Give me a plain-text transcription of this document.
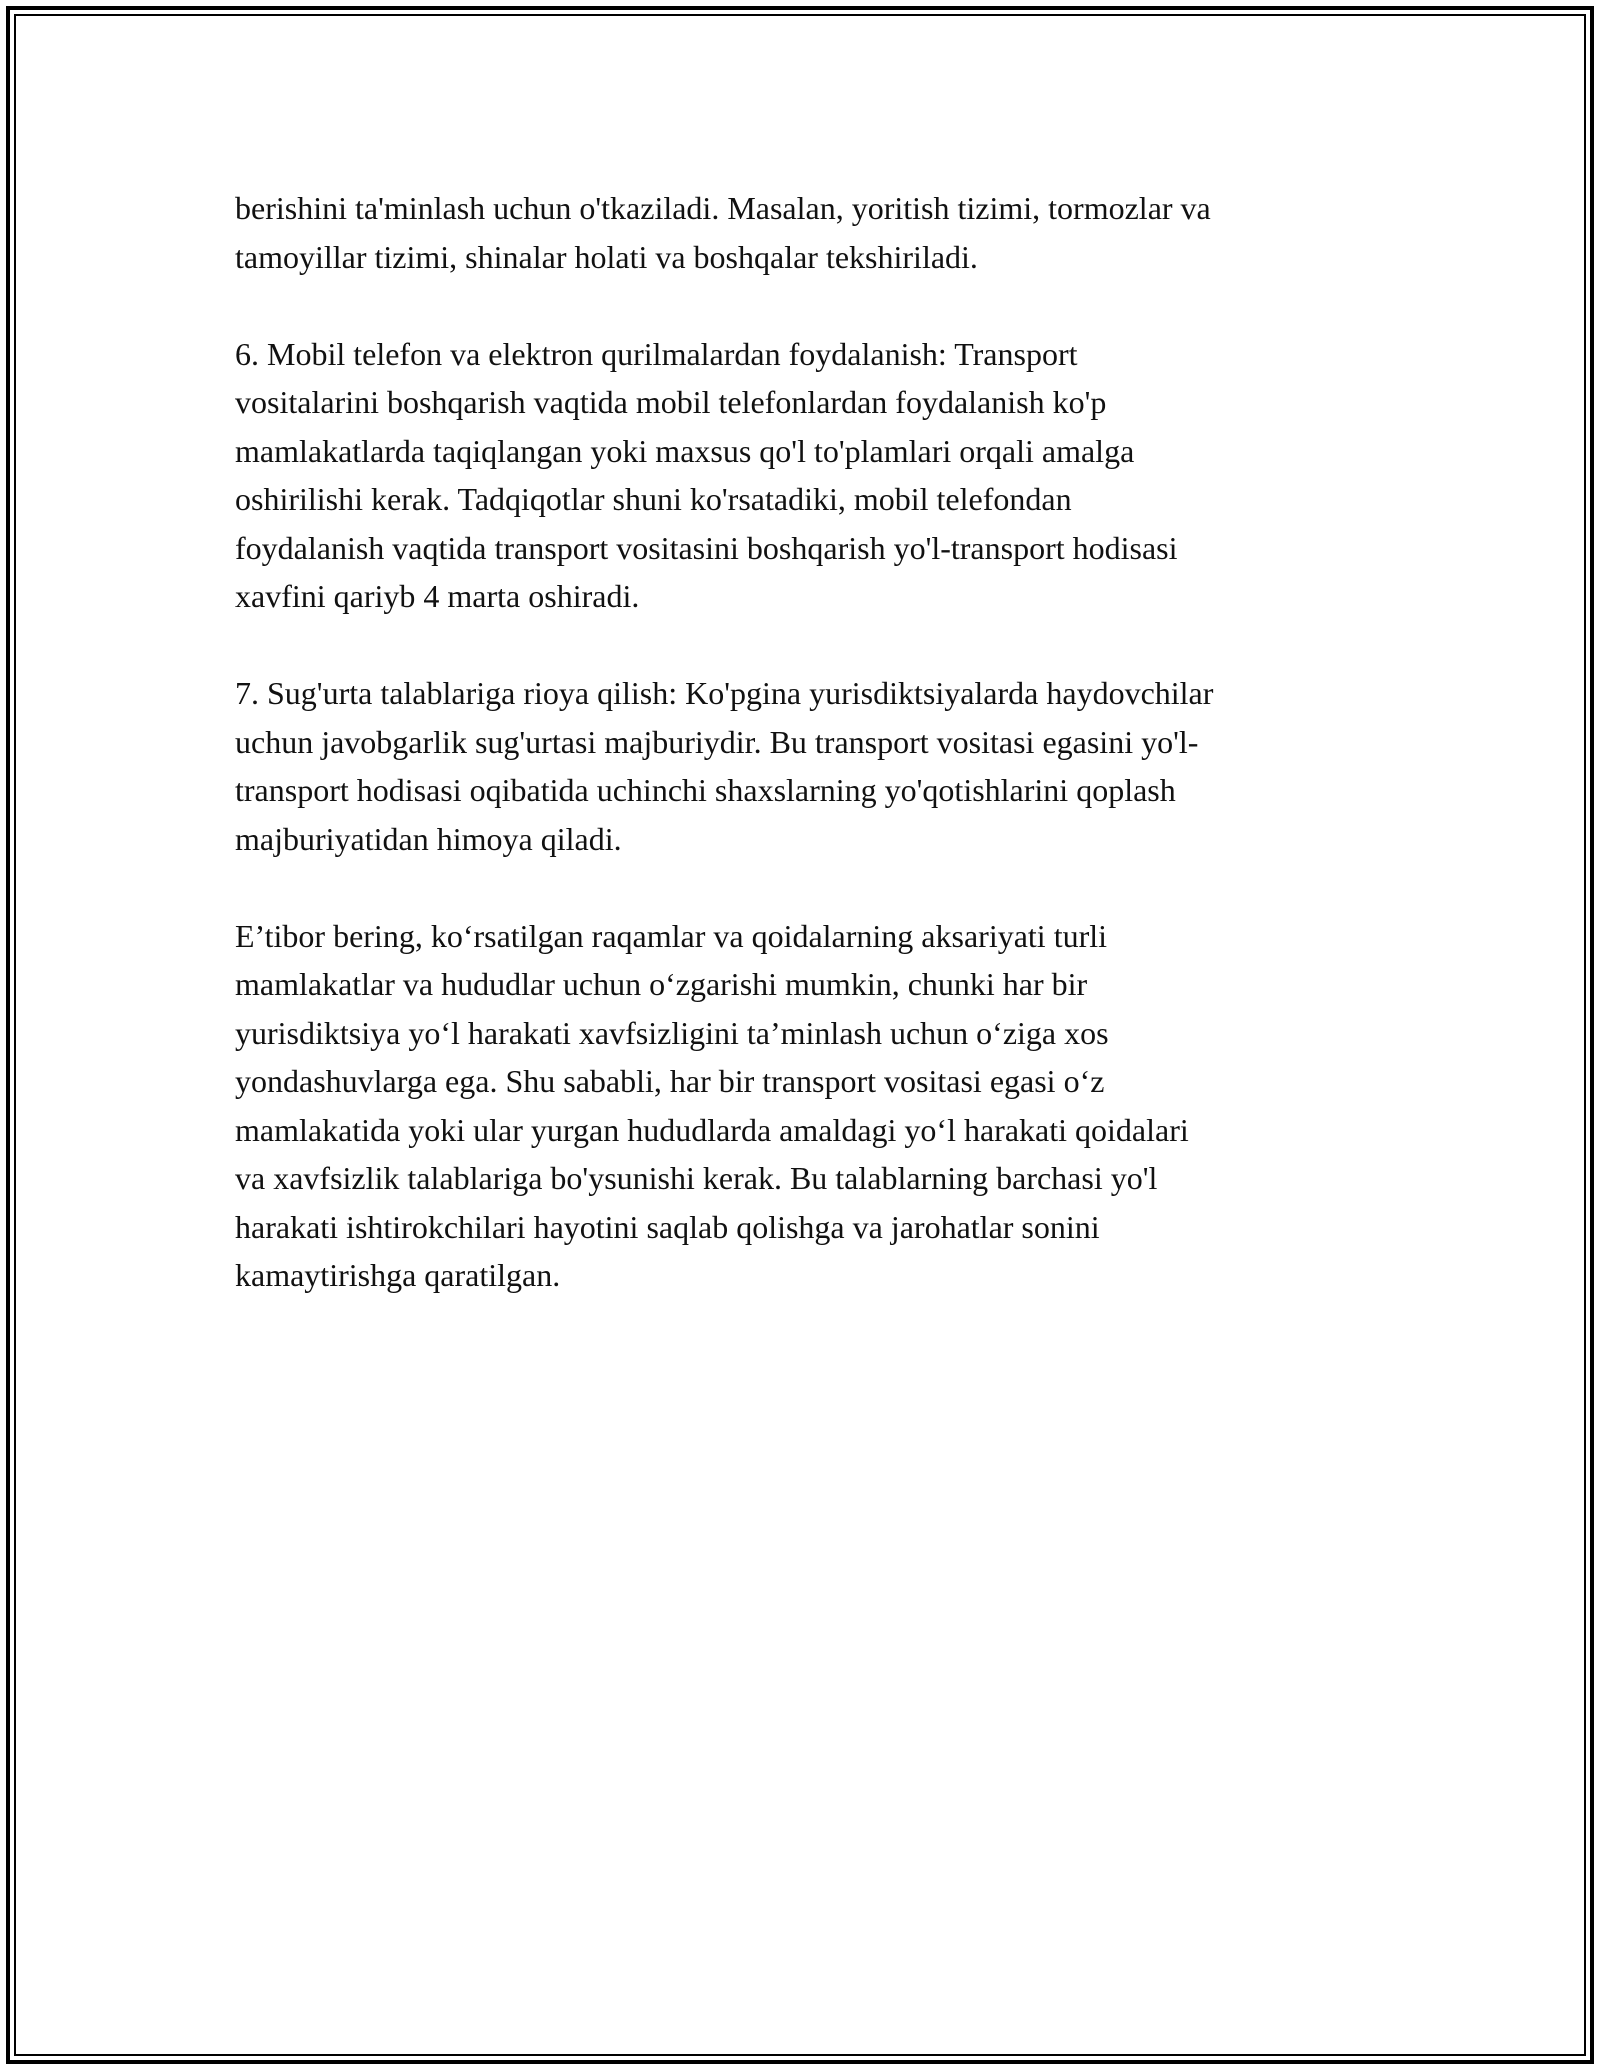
berishini ta'minlash uchun o'tkaziladi. Masalan, yoritish tizimi, tormozlar va
tamoyillar tizimi, shinalar holati va boshqalar tekshiriladi.

6. Mobil telefon va elektron qurilmalardan foydalanish: Transport
vositalarini boshqarish vaqtida mobil telefonlardan foydalanish ko'p
mamlakatlarda taqiqlangan yoki maxsus qo'l to'plamlari orqali amalga
oshirilishi kerak. Tadqiqotlar shuni ko'rsatadiki, mobil telefondan
foydalanish vaqtida transport vositasini boshqarish yo'l-transport hodisasi
xavfini qariyb 4 marta oshiradi.

7. Sug'urta talablariga rioya qilish: Ko'pgina yurisdiktsiyalarda haydovchilar
uchun javobgarlik sug'urtasi majburiydir. Bu transport vositasi egasini yo'l-
transport hodisasi oqibatida uchinchi shaxslarning yo'qotishlarini qoplash
majburiyatidan himoya qiladi.

E’tibor bering, ko‘rsatilgan raqamlar va qoidalarning aksariyati turli
mamlakatlar va hududlar uchun o‘zgarishi mumkin, chunki har bir
yurisdiktsiya yo‘l harakati xavfsizligini ta’minlash uchun o‘ziga xos
yondashuvlarga ega. Shu sababli, har bir transport vositasi egasi o‘z
mamlakatida yoki ular yurgan hududlarda amaldagi yo‘l harakati qoidalari
va xavfsizlik talablariga bo'ysunishi kerak. Bu talablarning barchasi yo'l
harakati ishtirokchilari hayotini saqlab qolishga va jarohatlar sonini
kamaytirishga qaratilgan.
